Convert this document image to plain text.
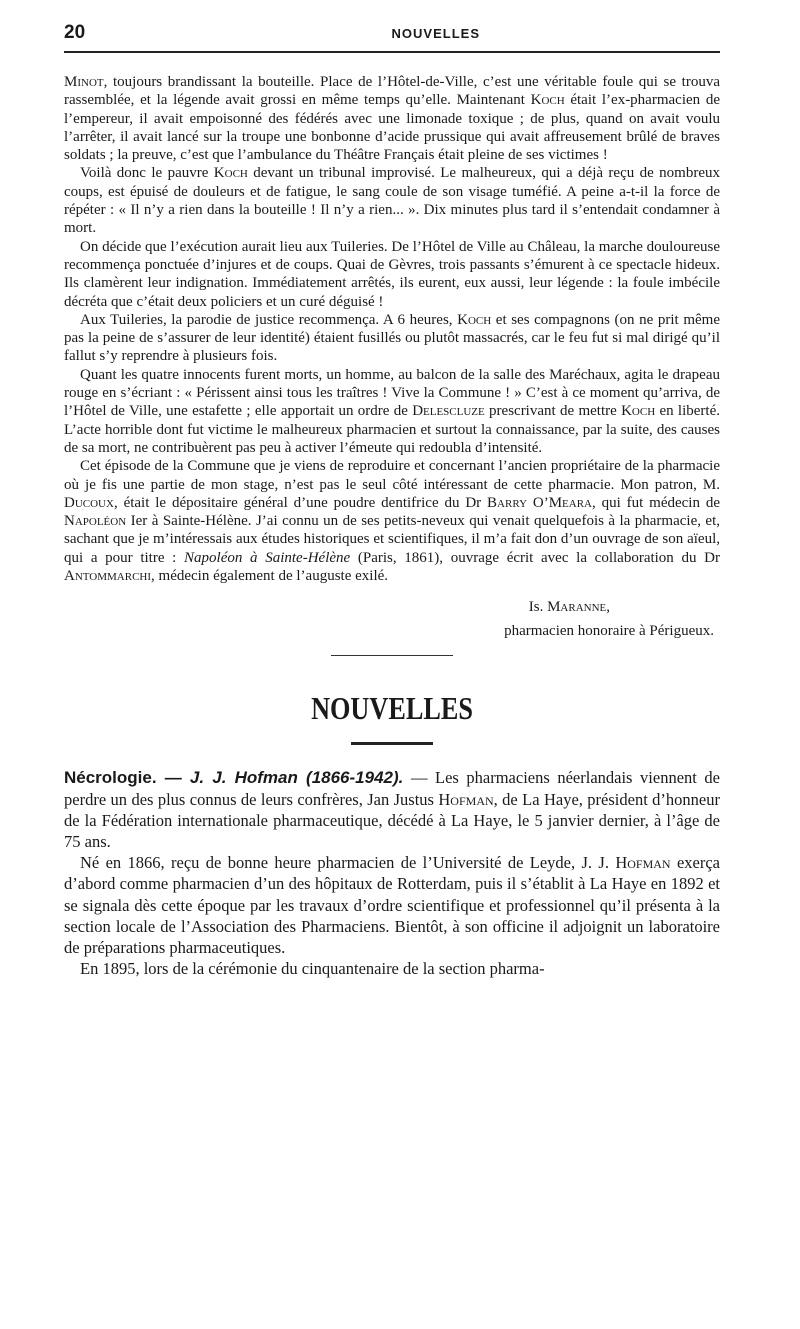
20	NOUVELLES

Minot, toujours brandissant la bouteille. Place de l’Hôtel-de-Ville, c’est une véritable foule qui se trouva rassemblée, et la légende avait grossi en même temps qu’elle. Maintenant Koch était l’ex-pharmacien de l’empereur, il avait empoisonné des fédérés avec une limonade toxique ; de plus, quand on avait voulu l’arrêter, il avait lancé sur la troupe une bonbonne d’acide prussique qui avait affreusement brûlé de braves soldats ; la preuve, c’est que l’ambulance du Théâtre Français était pleine de ses victimes !

Voilà donc le pauvre Koch devant un tribunal improvisé. Le malheureux, qui a déjà reçu de nombreux coups, est épuisé de douleurs et de fatigue, le sang coule de son visage tuméfié. A peine a-t-il la force de répéter : « Il n’y a rien dans la bouteille ! Il n’y a rien... ». Dix minutes plus tard il s’entendait condamner à mort.

On décide que l’exécution aurait lieu aux Tuileries. De l’Hôtel de Ville au Châleau, la marche douloureuse recommença ponctuée d’injures et de coups. Quai de Gèvres, trois passants s’émurent à ce spectacle hideux. Ils clamèrent leur indignation. Immédiatement arrêtés, ils eurent, eux aussi, leur légende : la foule imbécile décréta que c’était deux policiers et un curé déguisé !

Aux Tuileries, la parodie de justice recommença. A 6 heures, Koch et ses compagnons (on ne prit même pas la peine de s’assurer de leur identité) étaient fusillés ou plutôt massacrés, car le feu fut si mal dirigé qu’il fallut s’y reprendre à plusieurs fois.

Quant les quatre innocents furent morts, un homme, au balcon de la salle des Maréchaux, agita le drapeau rouge en s’écriant : « Périssent ainsi tous les traîtres ! Vive la Commune ! » C’est à ce moment qu’arriva, de l’Hôtel de Ville, une estafette ; elle apportait un ordre de Delescluze prescrivant de mettre Koch en liberté. L’acte horrible dont fut victime le malheureux pharmacien et surtout la connaissance, par la suite, des causes de sa mort, ne contribuèrent pas peu à activer l’émeute qui redoubla d’intensité.

Cet épisode de la Commune que je viens de reproduire et concernant l’ancien propriétaire de la pharmacie où je fis une partie de mon stage, n’est pas le seul côté intéressant de cette pharmacie. Mon patron, M. Ducoux, était le dépositaire général d’une poudre dentifrice du Dr Barry O’Meara, qui fut médecin de Napoléon Ier à Sainte-Hélène. J’ai connu un de ses petits-neveux qui venait quelquefois à la pharmacie, et, sachant que je m’intéressais aux études historiques et scientifiques, il m’a fait don d’un ouvrage de son aïeul, qui a pour titre : Napoléon à Sainte-Hélène (Paris, 1861), ouvrage écrit avec la collaboration du Dr Antommarchi, médecin également de l’auguste exilé.

Is. Maranne,
pharmacien honoraire à Périgueux.
NOUVELLES

Nécrologie. — J. J. Hofman (1866-1942). — Les pharmaciens néerlandais viennent de perdre un des plus connus de leurs confrères, Jan Justus Hofman, de La Haye, président d’honneur de la Fédération internationale pharmaceutique, décédé à La Haye, le 5 janvier dernier, à l’âge de 75 ans.

Né en 1866, reçu de bonne heure pharmacien de l’Université de Leyde, J. J. Hofman exerça d’abord comme pharmacien d’un des hôpitaux de Rotterdam, puis il s’établit à La Haye en 1892 et se signala dès cette époque par les travaux d’ordre scientifique et professionnel qu’il présenta à la section locale de l’Association des Pharmaciens. Bientôt, à son officine il adjoignit un laboratoire de préparations pharmaceutiques.

En 1895, lors de la cérémonie du cinquantenaire de la section pharma-
